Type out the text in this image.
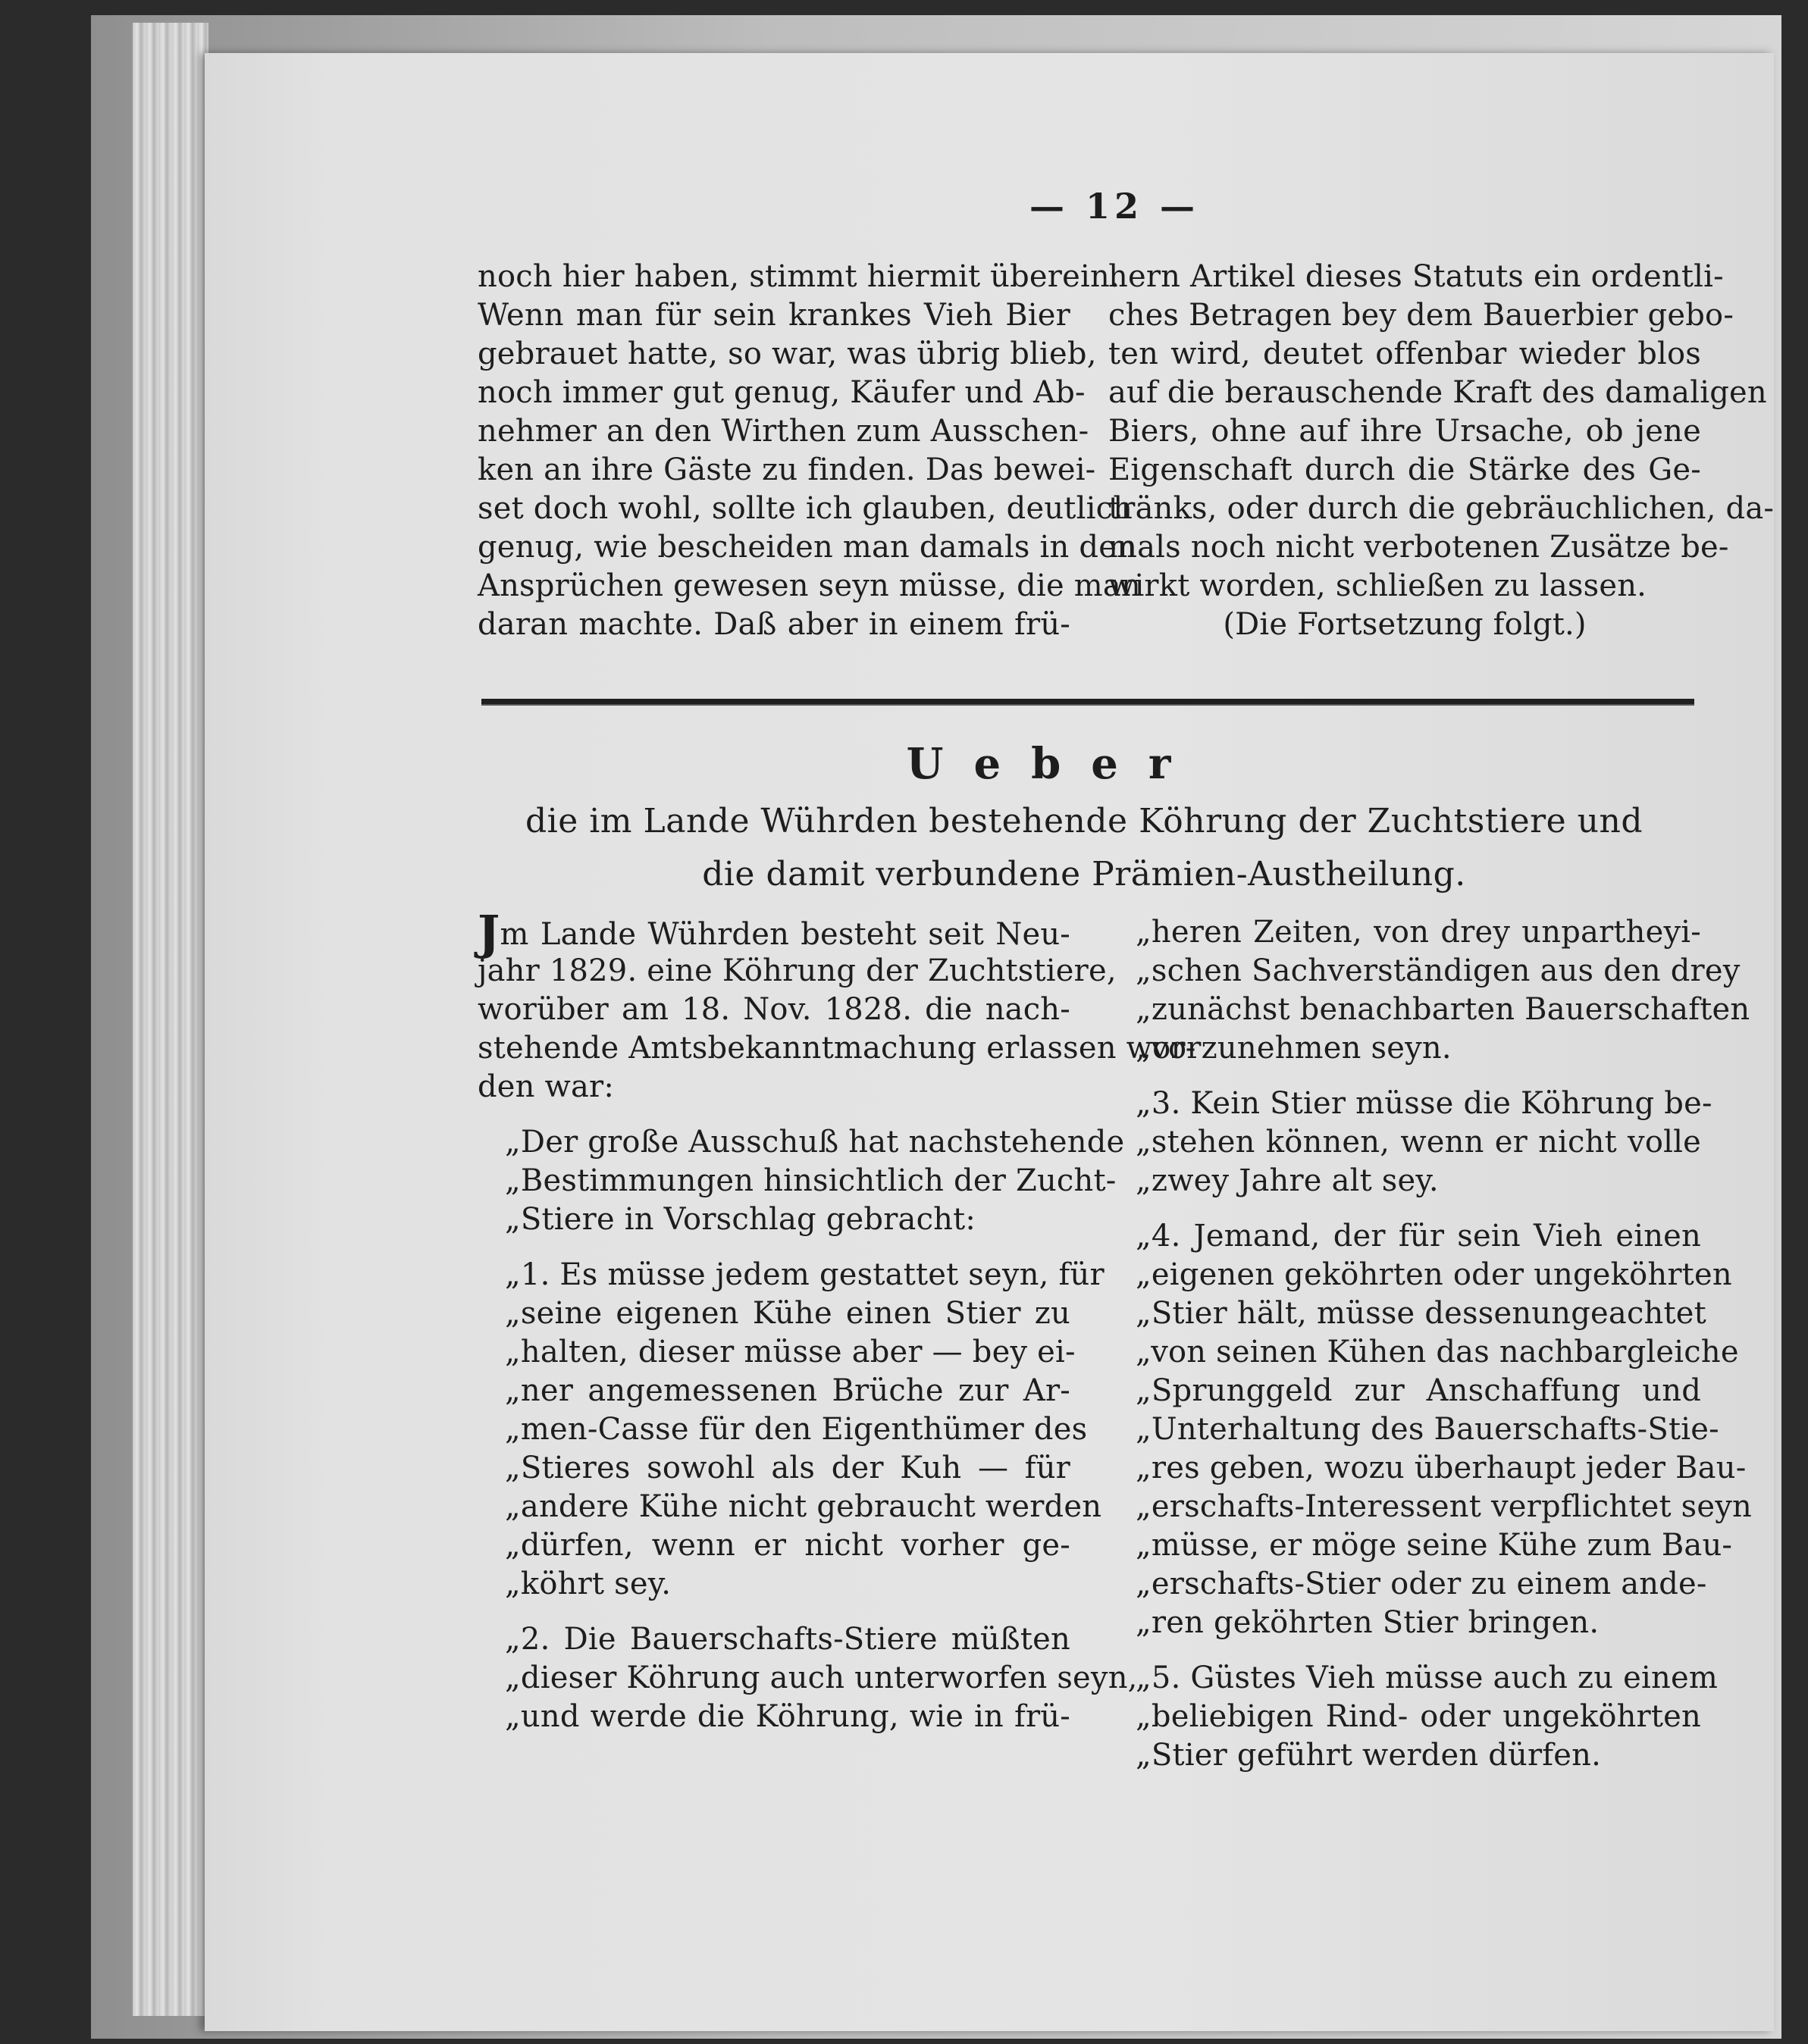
— 12 —
noch hier haben, stimmt hiermit überein.
Wenn man für sein krankes Vieh Bier
gebrauet hatte, so war, was übrig blieb,
noch immer gut genug, Käufer und Ab-
nehmer an den Wirthen zum Ausschen-
ken an ihre Gäste zu finden. Das bewei-
set doch wohl, sollte ich glauben, deutlich
genug, wie bescheiden man damals in den
Ansprüchen gewesen seyn müsse, die man
daran machte. Daß aber in einem frü-
hern Artikel dieses Statuts ein ordentli-
ches Betragen bey dem Bauerbier gebo-
ten wird, deutet offenbar wieder blos
auf die berauschende Kraft des damaligen
Biers, ohne auf ihre Ursache, ob jene
Eigenschaft durch die Stärke des Ge-
tränks, oder durch die gebräuchlichen, da-
mals noch nicht verbotenen Zusätze be-
wirkt worden, schließen zu lassen.
(Die Fortsetzung folgt.)
Ueber
die im Lande Wührden bestehende Köhrung der Zuchtstiere und
die damit verbundene Prämien-Austheilung.
Jm Lande Wührden besteht seit Neu-
jahr 1829. eine Köhrung der Zuchtstiere,
worüber am 18. Nov. 1828. die nach-
stehende Amtsbekanntmachung erlassen wor-
den war:
„Der große Ausschuß hat nachstehende
„Bestimmungen hinsichtlich der Zucht-
„Stiere in Vorschlag gebracht:
„1. Es müsse jedem gestattet seyn, für
„seine eigenen Kühe einen Stier zu
„halten, dieser müsse aber — bey ei-
„ner angemessenen Brüche zur Ar-
„men-Casse für den Eigenthümer des
„Stieres sowohl als der Kuh — für
„andere Kühe nicht gebraucht werden
„dürfen, wenn er nicht vorher ge-
„köhrt sey.
„2. Die Bauerschafts-Stiere müßten
„dieser Köhrung auch unterworfen seyn,
„und werde die Köhrung, wie in frü-
„heren Zeiten, von drey unpartheyi-
„schen Sachverständigen aus den drey
„zunächst benachbarten Bauerschaften
„vorzunehmen seyn.
„3. Kein Stier müsse die Köhrung be-
„stehen können, wenn er nicht volle
„zwey Jahre alt sey.
„4. Jemand, der für sein Vieh einen
„eigenen geköhrten oder ungeköhrten
„Stier hält, müsse dessenungeachtet
„von seinen Kühen das nachbargleiche
„Sprunggeld zur Anschaffung und
„Unterhaltung des Bauerschafts-Stie-
„res geben, wozu überhaupt jeder Bau-
„erschafts-Interessent verpflichtet seyn
„müsse, er möge seine Kühe zum Bau-
„erschafts-Stier oder zu einem ande-
„ren geköhrten Stier bringen.
„5. Güstes Vieh müsse auch zu einem
„beliebigen Rind- oder ungeköhrten
„Stier geführt werden dürfen.
